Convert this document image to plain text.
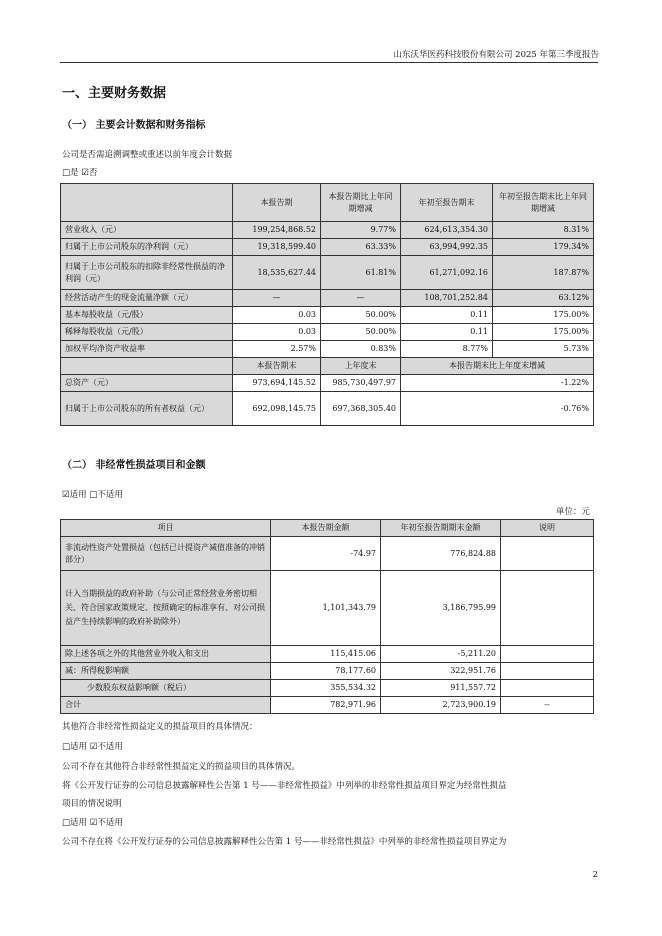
山东沃华医药科技股份有限公司 2025 年第三季度报告
一、主要财务数据
（一） 主要会计数据和财务指标
公司是否需追溯调整或重述以前年度会计数据
□是 ☑否
	本报告期	本报告期比上年同期增减	年初至报告期末	年初至报告期末比上年同期增减
营业收入（元）	199,254,868.52	9.77%	624,613,354.30	8.31%
归属于上市公司股东的净利润（元）	19,318,599.40	63.33%	63,994,992.35	179.34%
归属于上市公司股东的扣除非经常性损益的净利润（元）	18,535,627.44	61.81%	61,271,092.16	187.87%
经营活动产生的现金流量净额（元）	—	—	108,701,252.84	63.12%
基本每股收益（元/股）	0.03	50.00%	0.11	175.00%
稀释每股收益（元/股）	0.03	50.00%	0.11	175.00%
加权平均净资产收益率	2.57%	0.83%	8.77%	5.73%
	本报告期末	上年度末	本报告期末比上年度末增减	
总资产（元）	973,694,145.52	985,730,497.97	-1.22%	
归属于上市公司股东的所有者权益（元）	692,098,145.75	697,368,305.40	-0.76%	
（二） 非经常性损益项目和金额
☑适用 □不适用
单位：元
项目	本报告期金额	年初至报告期期末金额	说明
非流动性资产处置损益（包括已计提资产减值准备的冲销部分）	-74.97	776,824.88	
计入当期损益的政府补助（与公司正常经营业务密切相关、符合国家政策规定、按照确定的标准享有、对公司损益产生持续影响的政府补助除外）	1,101,343.79	3,186,795.99	
除上述各项之外的其他营业外收入和支出	115,415.06	-5,211.20	
减：所得税影响额	78,177.60	322,951.76	
少数股东权益影响额（税后）	355,534.32	911,557.72	
合计	782,971.96	2,723,900.19	--
其他符合非经常性损益定义的损益项目的具体情况：
□适用 ☑不适用
公司不存在其他符合非经常性损益定义的损益项目的具体情况。
将《公开发行证券的公司信息披露解释性公告第 1 号——非经常性损益》中列举的非经常性损益项目界定为经常性损益
项目的情况说明
□适用 ☑不适用
公司不存在将《公开发行证券的公司信息披露解释性公告第 1 号——非经常性损益》中列举的非经常性损益项目界定为
2
